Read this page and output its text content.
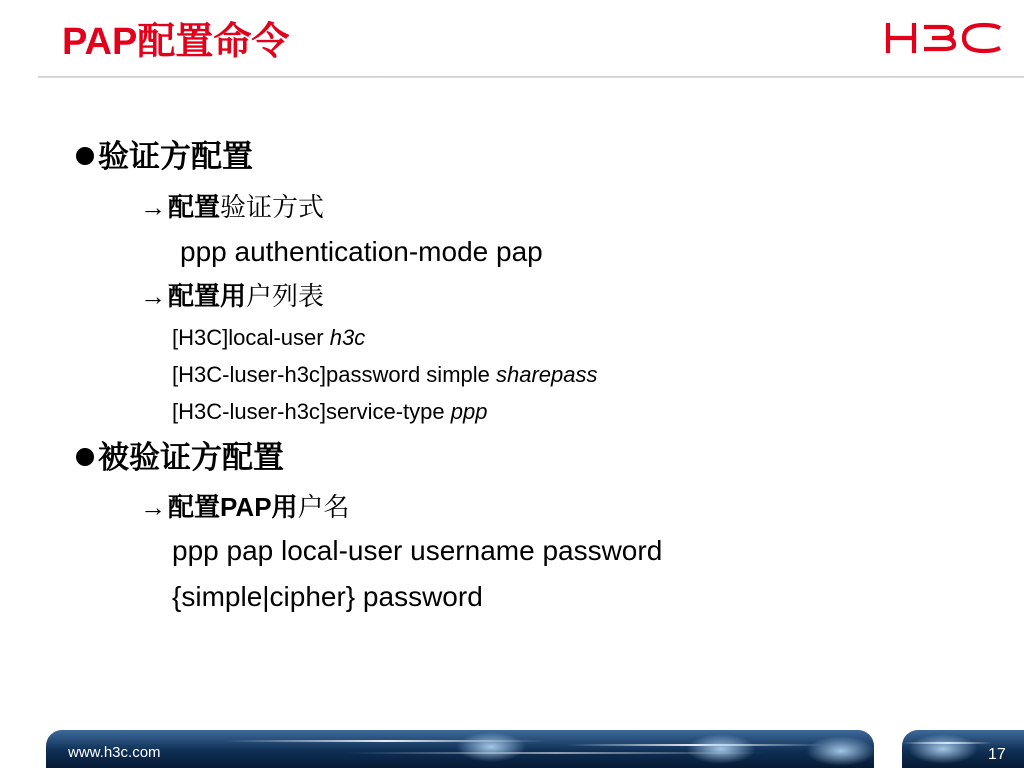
PAP配置命令
验证方配置
→配置验证方式
ppp authentication-mode pap
→配置用户列表
[H3C]local-user h3c
[H3C-luser-h3c]password simple sharepass
[H3C-luser-h3c]service-type ppp
被验证方配置
→配置PAP用户名
ppp pap local-user username password
{simple|cipher} password
www.h3c.com	17
